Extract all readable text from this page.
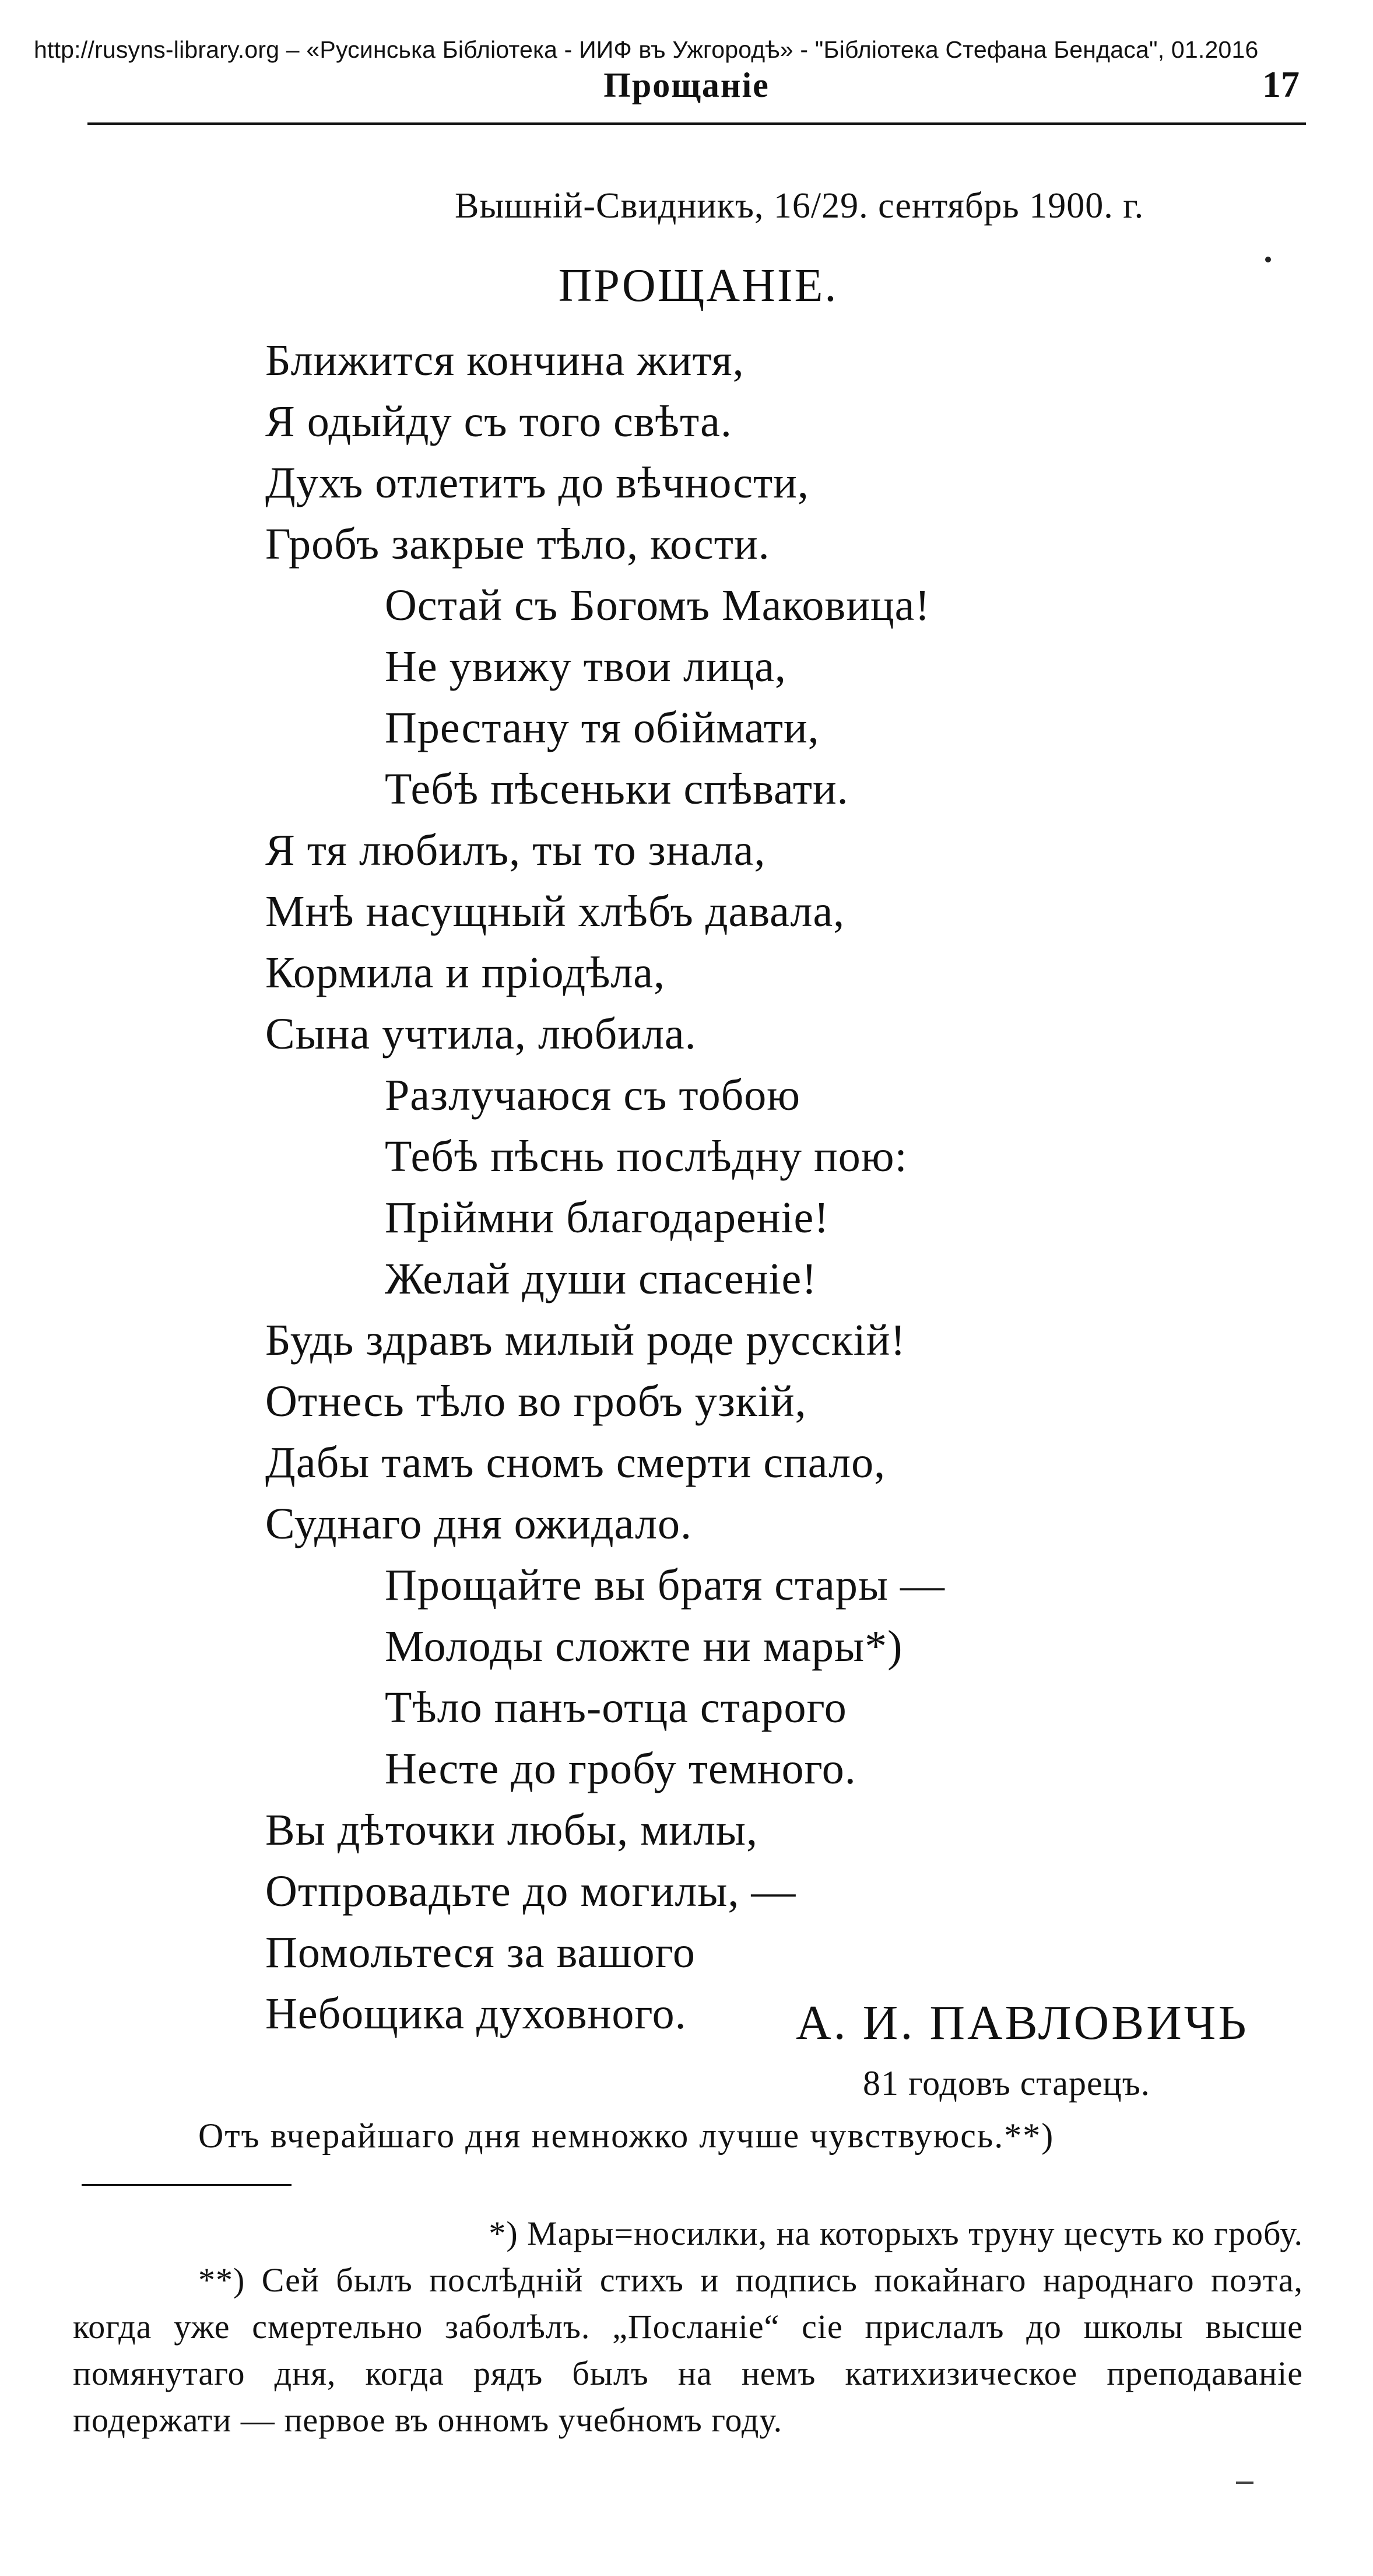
http://rusyns-library.org – «Русинська Бібліотека - ИИФ въ Ужгородѣ» - "Бібліотека Стефана Бендаса", 01.2016
Прощаніе	17
Вышній-Свидникъ, 16/29. сентябрь 1900. г.
ПРОЩАНІЕ.
Ближится кончина житя,
Я одыйду съ того свѣта.
Духъ отлетитъ до вѣчности,
Гробъ закрые тѣло, кости.
Остай съ Богомъ Маковица!
Не увижу твои лица,
Престану тя обіймати,
Тебѣ пѣсеньки спѣвати.
Я тя любилъ, ты то знала,
Мнѣ насущный хлѣбъ давала,
Кормила и пріодѣла,
Сына учтила, любила.
Разлучаюся съ тобою
Тебѣ пѣснь послѣдну пою:
Пріймни благодареніе!
Желай души спасеніе!
Будь здравъ милый роде русскій!
Отнесь тѣло во гробъ узкій,
Дабы тамъ сномъ смерти спало,
Суднаго дня ожидало.
Прощайте вы братя стары —
Молоды сложте ни мары*)
Тѣло панъ-отца старого
Несте до гробу темного.
Вы дѣточки любы, милы,
Отпровадьте до могилы, —
Помольтеся за вашого
Небощика духовного. А. И. ПАВЛОВИЧЬ
81 годовъ старецъ.
Отъ вчерайшаго дня немножко лучше чувствуюсь.**)
*) Мары=носилки, на которыхъ труну цесуть ко гробу.
**) Сей былъ послѣдній стихъ и подпись покайнаго народнаго поэта, когда уже смертельно заболѣлъ. „Посланіе“ сіе прислалъ до школы высше помянутаго дня, когда рядъ былъ на немъ катихизическое преподаваніе подержати — первое въ онномъ учебномъ году.
